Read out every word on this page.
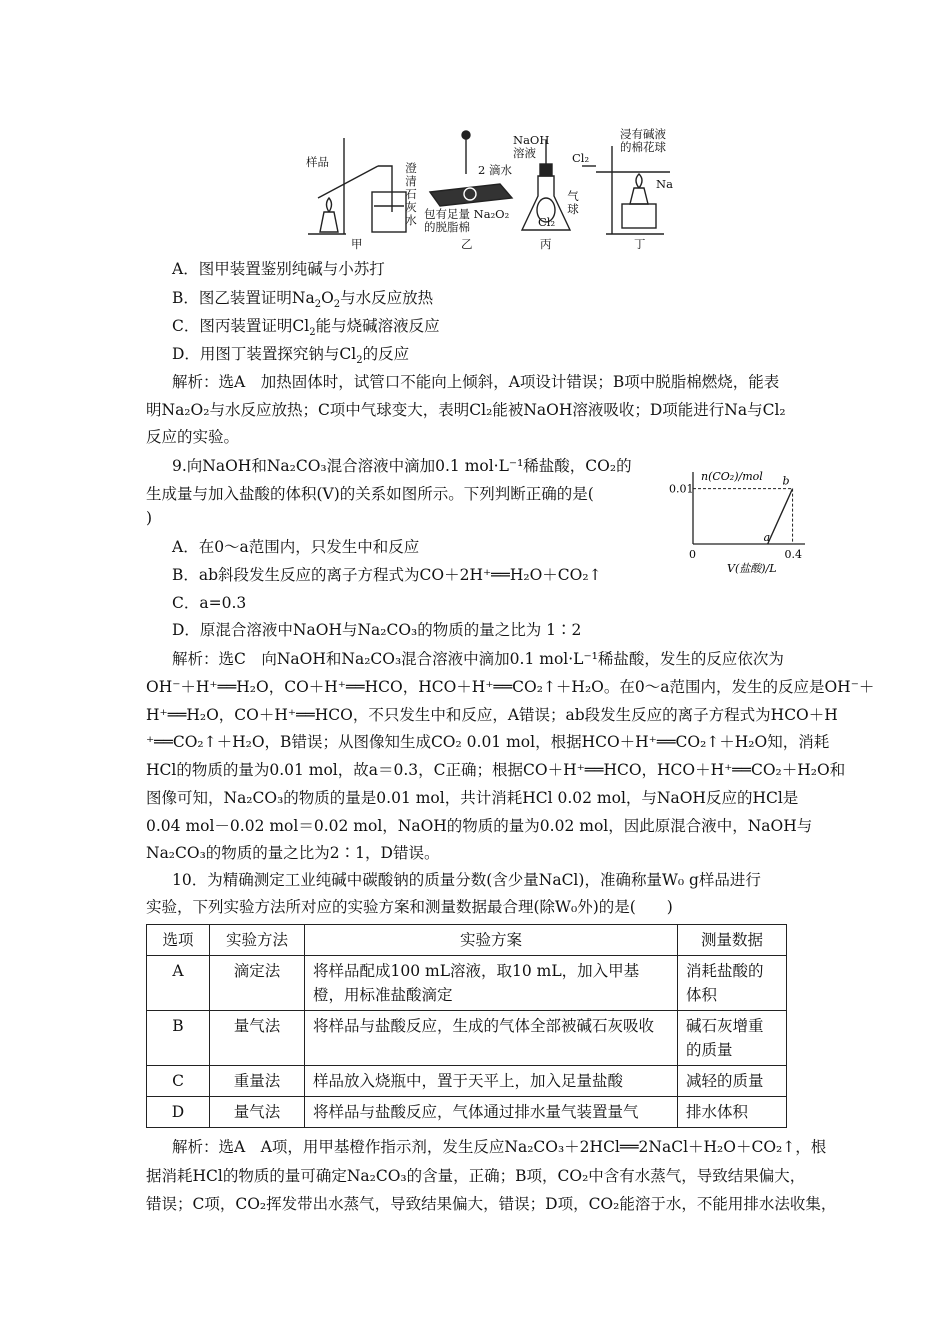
样品	澄清石灰水
甲
2 滴水
包有足量 Na₂O₂
的脱脂棉
乙
NaOH
溶液
Cl₂
气球
丙
浸有碱液
的棉花球
Cl₂
Na
丁
A．图甲装置鉴别纯碱与小苏打
B．图乙装置证明$Na_2O_2$与水反应放热
C．图丙装置证明$Cl_2$能与烧碱溶液反应
D．用图丁装置探究钠与$Cl_2$的反应
解析：选A　加热固体时，试管口不能向上倾斜，A项设计错误；B项中脱脂棉燃烧，能表
明Na₂O₂与水反应放热；C项中气球变大，表明Cl₂能被NaOH溶液吸收；D项能进行Na与Cl₂
反应的实验。
9.向NaOH和Na₂CO₃混合溶液中滴加0.1 mol·L⁻¹稀盐酸，CO₂的
生成量与加入盐酸的体积(V)的关系如图所示。下列判断正确的是(
)
A．在0～a范围内，只发生中和反应
B．ab斜段发生反应的离子方程式为CO＋2H⁺══H₂O＋CO₂↑
C．a=0.3
D．原混合溶液中NaOH与Na₂CO₃的物质的量之比为 1∶2
解析：选C　向NaOH和Na₂CO₃混合溶液中滴加0.1 mol·L⁻¹稀盐酸，发生的反应依次为
OH⁻＋H⁺══H₂O，CO＋H⁺══HCO，HCO＋H⁺══CO₂↑＋H₂O。在0～a范围内，发生的反应是OH⁻＋
H⁺══H₂O，CO＋H⁺══HCO，不只发生中和反应，A错误；ab段发生反应的离子方程式为HCO＋H
⁺══CO₂↑＋H₂O，B错误；从图像知生成CO₂ 0.01 mol，根据HCO＋H⁺══CO₂↑＋H₂O知，消耗
HCl的物质的量为0.01 mol，故a＝0.3，C正确；根据CO＋H⁺══HCO，HCO＋H⁺══CO₂＋H₂O和
图像可知，Na₂CO₃的物质的量是0.01 mol，共计消耗HCl 0.02 mol，与NaOH反应的HCl是
0.04 mol－0.02 mol＝0.02 mol，NaOH的物质的量为0.02 mol，因此原混合液中，NaOH与
Na₂CO₃的物质的量之比为2∶1，D错误。
n(CO₂)/mol
0.01
0
a
b
0.4
V(盐酸)/L
10．为精确测定工业纯碱中碳酸钠的质量分数(含少量NaCl)，准确称量W₀ g样品进行
实验，下列实验方法所对应的实验方案和测量数据最合理(除W₀外)的是(　　)
选项	实验方法	实验方案	测量数据
A	滴定法	将样品配成100 mL溶液，取10 mL，加入甲基橙，用标准盐酸滴定	消耗盐酸的体积
B	量气法	将样品与盐酸反应，生成的气体全部被碱石灰吸收	碱石灰增重的质量
C	重量法	样品放入烧瓶中，置于天平上，加入足量盐酸	减轻的质量
D	量气法	将样品与盐酸反应，气体通过排水量气装置量气	排水体积
解析：选A　A项，用甲基橙作指示剂，发生反应Na₂CO₃＋2HCl══2NaCl＋H₂O＋CO₂↑，根
据消耗HCl的物质的量可确定Na₂CO₃的含量，正确；B项，CO₂中含有水蒸气，导致结果偏大，
错误；C项，CO₂挥发带出水蒸气，导致结果偏大，错误；D项，CO₂能溶于水，不能用排水法收集，
